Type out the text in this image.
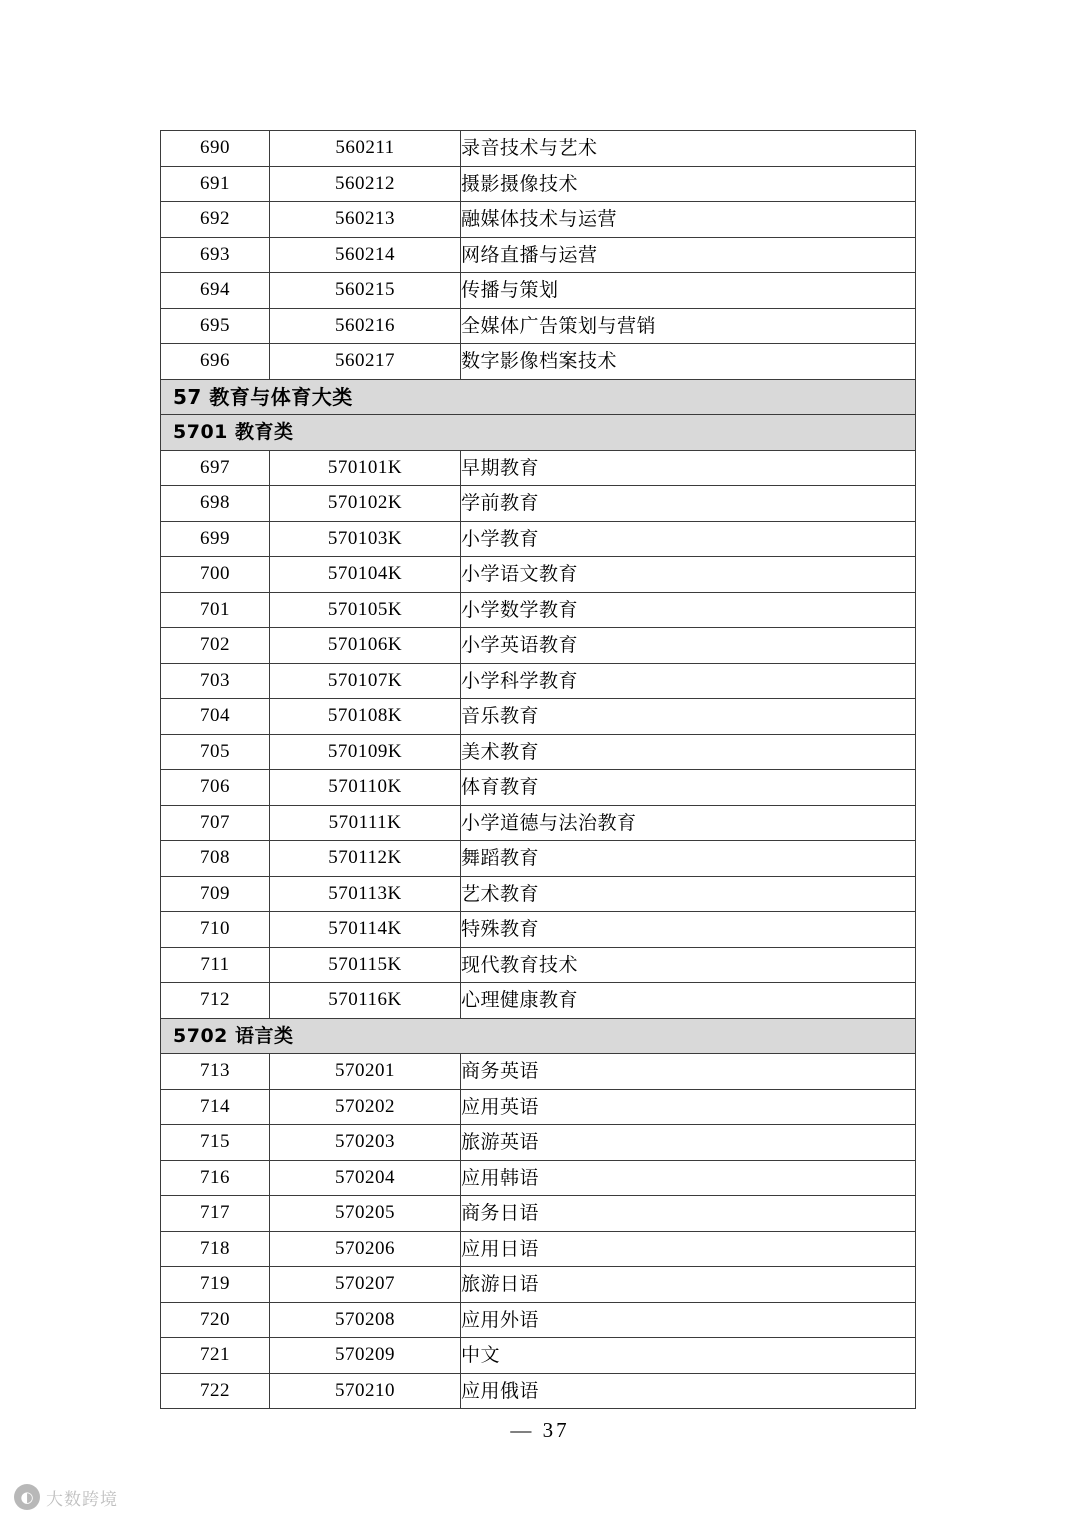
690	560211	录音技术与艺术
691	560212	摄影摄像技术
692	560213	融媒体技术与运营
693	560214	网络直播与运营
694	560215	传播与策划
695	560216	全媒体广告策划与营销
696	560217	数字影像档案技术
57 教育与体育大类		
5701 教育类		
697	570101K	早期教育
698	570102K	学前教育
699	570103K	小学教育
700	570104K	小学语文教育
701	570105K	小学数学教育
702	570106K	小学英语教育
703	570107K	小学科学教育
704	570108K	音乐教育
705	570109K	美术教育
706	570110K	体育教育
707	570111K	小学道德与法治教育
708	570112K	舞蹈教育
709	570113K	艺术教育
710	570114K	特殊教育
711	570115K	现代教育技术
712	570116K	心理健康教育
5702 语言类		
713	570201	商务英语
714	570202	应用英语
715	570203	旅游英语
716	570204	应用韩语
717	570205	商务日语
718	570206	应用日语
719	570207	旅游日语
720	570208	应用外语
721	570209	中文
722	570210	应用俄语
— 37
◐ 大数跨境
